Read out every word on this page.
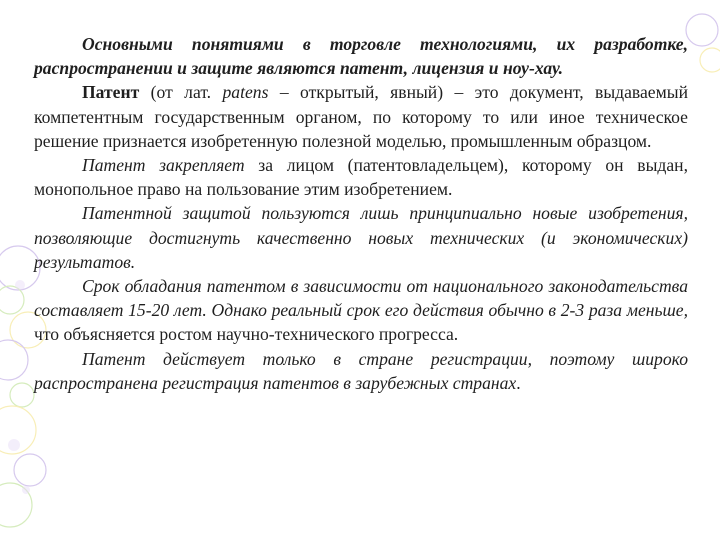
Основными понятиями в торговле технологиями, их разработке, распространении и защите являются патент, лицензия и ноу-хау.

Патент (от лат. patens – открытый, явный) – это документ, выдаваемый компетентным государственным органом, по которому то или иное техническое решение признается изобретенную полезной моделью, промышленным образцом.

Патент закрепляет за лицом (патентовладельцем), которому он выдан, монопольное право на пользование этим изобретением.

Патентной защитой пользуются лишь принципиально новые изобретения, позволяющие достигнуть качественно новых технических (и экономических) результатов.

Срок обладания патентом в зависимости от национального законодательства составляет 15-20 лет. Однако реальный срок его действия обычно в 2-3 раза меньше, что объясняется ростом научно-технического прогресса.

Патент действует только в стране регистрации, поэтому широко распространена регистрация патентов в зарубежных странах.
